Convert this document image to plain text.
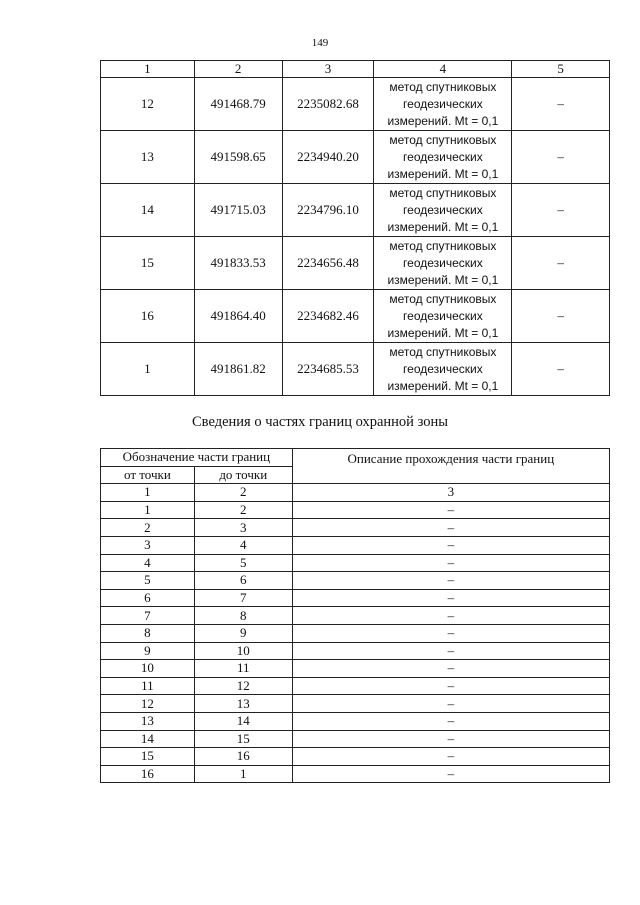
149
1	2	3	4	5
12	491468.79	2235082.68	метод спутниковых
геодезических
измерений. Mt = 0,1	–
13	491598.65	2234940.20	метод спутниковых
геодезических
измерений. Mt = 0,1	–
14	491715.03	2234796.10	метод спутниковых
геодезических
измерений. Mt = 0,1	–
15	491833.53	2234656.48	метод спутниковых
геодезических
измерений. Mt = 0,1	–
16	491864.40	2234682.46	метод спутниковых
геодезических
измерений. Mt = 0,1	–
1	491861.82	2234685.53	метод спутниковых
геодезических
измерений. Mt = 0,1	–
Сведения о частях границ охранной зоны
Обозначение части границ		Описание прохождения части границ
от точки	до точки	
1	2	3
1	2	–
2	3	–
3	4	–
4	5	–
5	6	–
6	7	–
7	8	–
8	9	–
9	10	–
10	11	–
11	12	–
12	13	–
13	14	–
14	15	–
15	16	–
16	1	–
